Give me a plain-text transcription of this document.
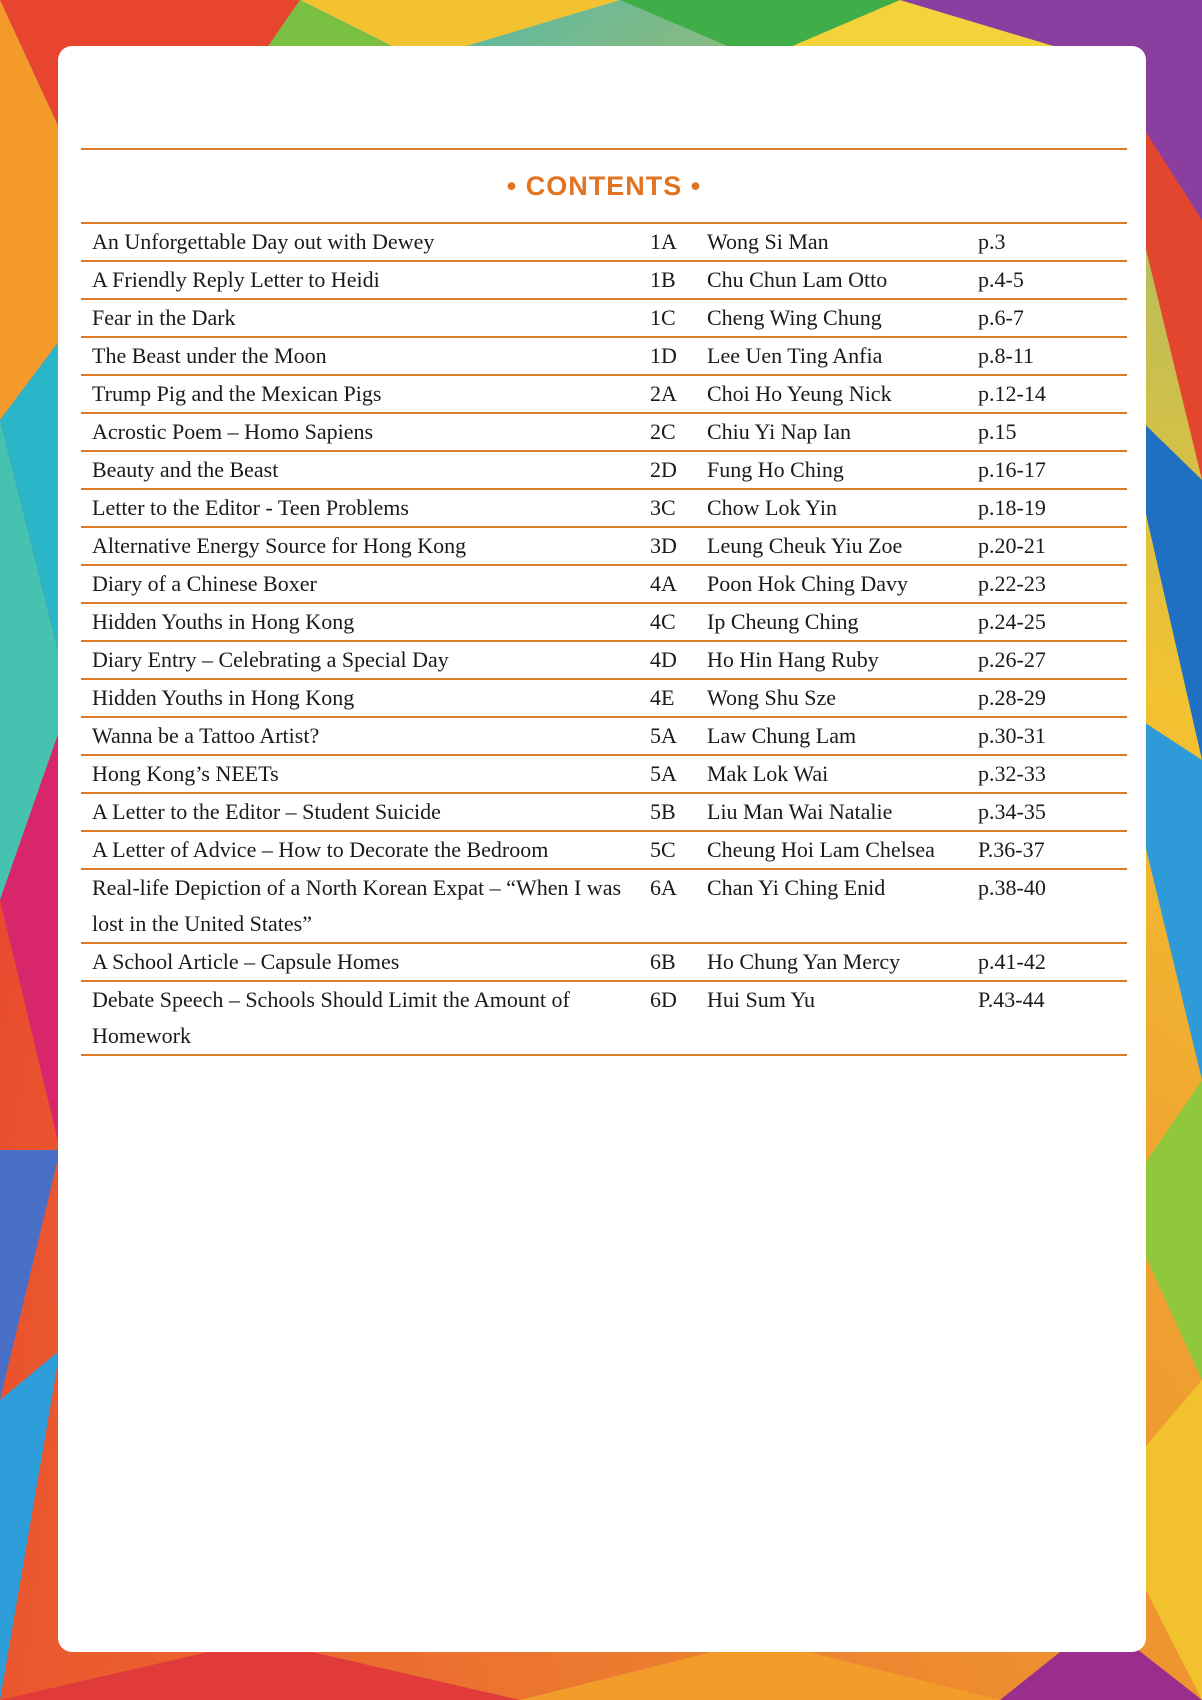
• CONTENTS •
An Unforgettable Day out with Dewey	1A	Wong Si Man	p.3
A Friendly Reply Letter to Heidi	1B	Chu Chun Lam Otto	p.4-5
Fear in the Dark	1C	Cheng Wing Chung	p.6-7
The Beast under the Moon	1D	Lee Uen Ting Anfia	p.8-11
Trump Pig and the Mexican Pigs	2A	Choi Ho Yeung Nick	p.12-14
Acrostic Poem – Homo Sapiens	2C	Chiu Yi Nap Ian	p.15
Beauty and the Beast	2D	Fung Ho Ching	p.16-17
Letter to the Editor - Teen Problems	3C	Chow Lok Yin	p.18-19
Alternative Energy Source for Hong Kong	3D	Leung Cheuk Yiu Zoe	p.20-21
Diary of a Chinese Boxer	4A	Poon Hok Ching Davy	p.22-23
Hidden Youths in Hong Kong	4C	Ip Cheung Ching	p.24-25
Diary Entry – Celebrating a Special Day	4D	Ho Hin Hang Ruby	p.26-27
Hidden Youths in Hong Kong	4E	Wong Shu Sze	p.28-29
Wanna be a Tattoo Artist?	5A	Law Chung Lam	p.30-31
Hong Kong’s NEETs	5A	Mak Lok Wai	p.32-33
A Letter to the Editor – Student Suicide	5B	Liu Man Wai Natalie	p.34-35
A Letter of Advice – How to Decorate the Bedroom	5C	Cheung Hoi Lam Chelsea	P.36-37
Real-life Depiction of a North Korean Expat – “When I was lost in the United States”	6A	Chan Yi Ching Enid	p.38-40
A School Article – Capsule Homes	6B	Ho Chung Yan Mercy	p.41-42
Debate Speech – Schools Should Limit the Amount of Homework	6D	Hui Sum Yu	P.43-44
